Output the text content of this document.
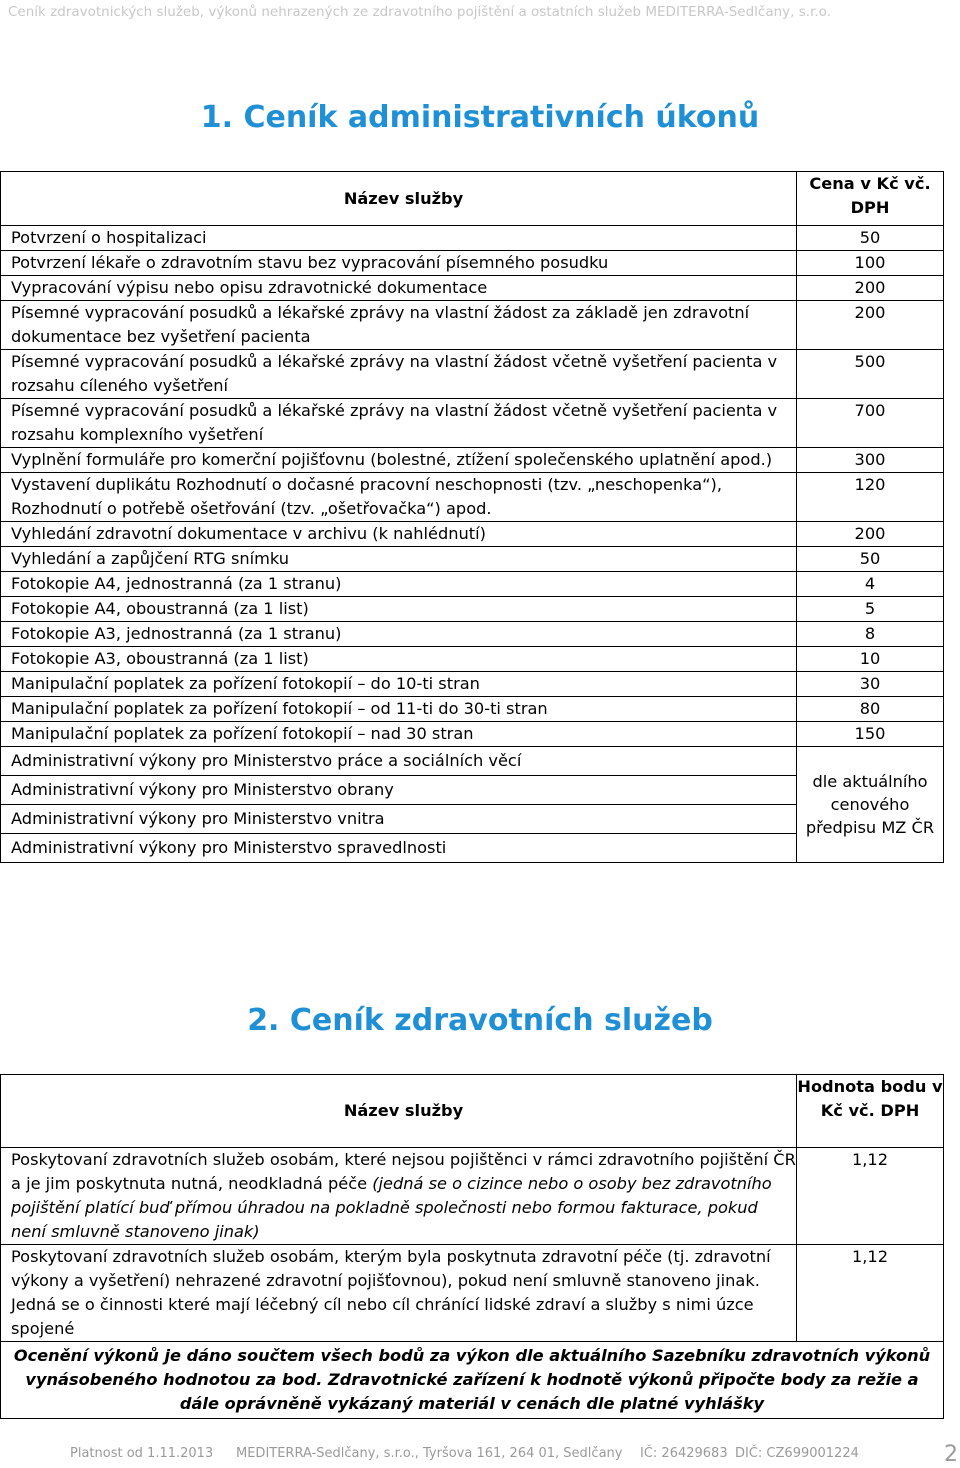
Ceník zdravotnických služeb, výkonů nehrazených ze zdravotního pojištění a ostatních služeb MEDITERRA-Sedlčany, s.r.o.
1. Ceník administrativních úkonů
Název služby	Cena v Kč vč. DPH
Potvrzení o hospitalizaci	50
Potvrzení lékaře o zdravotním stavu bez vypracování písemného posudku	100
Vypracování výpisu nebo opisu zdravotnické dokumentace	200
Písemné vypracování posudků a lékařské zprávy na vlastní žádost za základě jen zdravotní dokumentace bez vyšetření pacienta	200
Písemné vypracování posudků a lékařské zprávy na vlastní žádost včetně vyšetření pacienta v rozsahu cíleného vyšetření	500
Písemné vypracování posudků a lékařské zprávy na vlastní žádost včetně vyšetření pacienta v rozsahu komplexního vyšetření	700
Vyplnění formuláře pro komerční pojišťovnu (bolestné, ztížení společenského uplatnění apod.)	300
Vystavení duplikátu Rozhodnutí o dočasné pracovní neschopnosti (tzv. „neschopenka“), Rozhodnutí o potřebě ošetřování (tzv. „ošetřovačka“) apod.	120
Vyhledání zdravotní dokumentace v archivu (k nahlédnutí)	200
Vyhledání a zapůjčení RTG snímku	50
Fotokopie A4, jednostranná (za 1 stranu)	4
Fotokopie A4, oboustranná (za 1 list)	5
Fotokopie A3, jednostranná (za 1 stranu)	8
Fotokopie A3, oboustranná (za 1 list)	10
Manipulační poplatek za pořízení fotokopií – do 10-ti stran	30
Manipulační poplatek za pořízení fotokopií – od 11-ti do 30-ti stran	80
Manipulační poplatek za pořízení fotokopií – nad 30 stran	150
Administrativní výkony pro Ministerstvo práce a sociálních věcí	dle aktuálního cenového předpisu MZ ČR
Administrativní výkony pro Ministerstvo obrany	
Administrativní výkony pro Ministerstvo vnitra	
Administrativní výkony pro Ministerstvo spravedlnosti	
2. Ceník zdravotních služeb
Název služby	Hodnota bodu v Kč vč. DPH
Poskytovaní zdravotních služeb osobám, které nejsou pojištěnci v rámci zdravotního pojištění ČR a je jim poskytnuta nutná, neodkladná péče (jedná se o cizince nebo o osoby bez zdravotního pojištění platící buď přímou úhradou na pokladně společnosti nebo formou fakturace, pokud není smluvně stanoveno jinak)	1,12
Poskytovaní zdravotních služeb osobám, kterým byla poskytnuta zdravotní péče (tj. zdravotní výkony a vyšetření) nehrazené zdravotní pojišťovnou), pokud není smluvně stanoveno jinak. Jedná se o činnosti které mají léčebný cíl nebo cíl chránící lidské zdraví a služby s nimi úzce spojené	1,12
Ocenění výkonů je dáno součtem všech bodů za výkon dle aktuálního Sazebníku zdravotních výkonů vynásobeného hodnotou za bod. Zdravotnické zařízení k hodnotě výkonů připočte body za režie a dále oprávněně vykázaný materiál v cenách dle platné vyhlášky	
Platnost od 1.11.2013 MEDITERRA-Sedlčany, s.r.o., Tyršova 161, 264 01, Sedlčany IČ: 26429683 DIČ: CZ699001224	2
